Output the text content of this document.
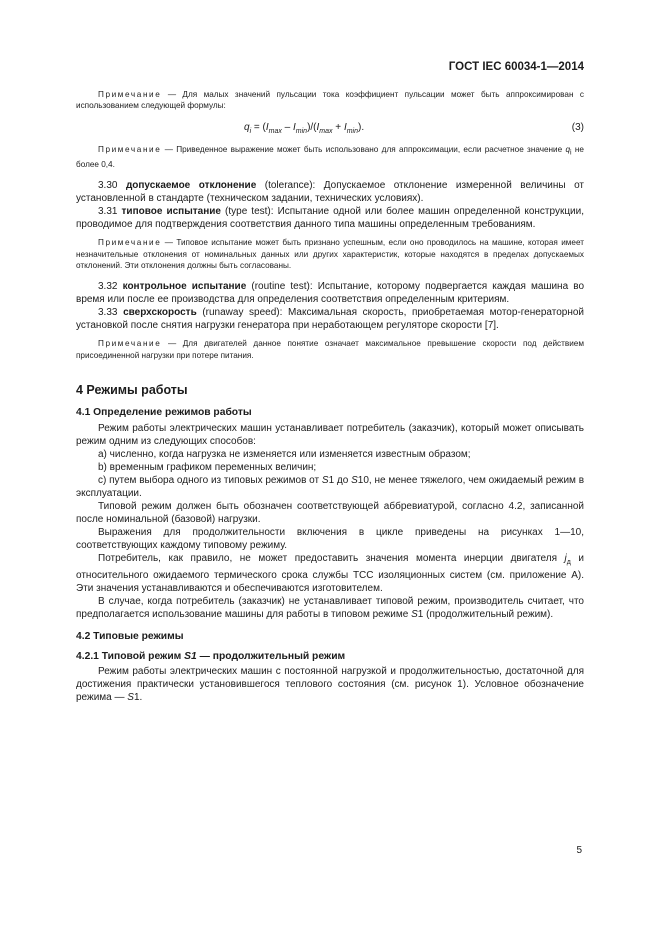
ГОСТ IEC 60034-1—2014

Примечание — Для малых значений пульсации тока коэффициент пульсации может быть аппроксимирован с использованием следующей формулы:

$q_i = (I_{max} - I_{min})/(I_{max} + I_{min})$.	(3)

Примечание — Приведенное выражение может быть использовано для аппроксимации, если расчетное значение $q_i$ не более 0,4.

3.30 допускаемое отклонение (tolerance): Допускаемое отклонение измеренной величины от установленной в стандарте (техническом задании, технических условиях).

3.31 типовое испытание (type test): Испытание одной или более машин определенной конструкции, проводимое для подтверждения соответствия данного типа машины определенным требованиям.

Примечание — Типовое испытание может быть признано успешным, если оно проводилось на машине, которая имеет незначительные отклонения от номинальных данных или других характеристик, которые находятся в пределах допускаемых отклонений. Эти отклонения должны быть согласованы.

3.32 контрольное испытание (routine test): Испытание, которому подвергается каждая машина во время или после ее производства для определения соответствия определенным критериям.

3.33 сверхскорость (runaway speed): Максимальная скорость, приобретаемая мотор-генераторной установкой после снятия нагрузки генератора при неработающем регуляторе скорости [7].

Примечание — Для двигателей данное понятие означает максимальное превышение скорости под действием присоединенной нагрузки при потере питания.

4 Режимы работы
4.1 Определение режимов работы

Режим работы электрических машин устанавливает потребитель (заказчик), который может описывать режим одним из следующих способов:

a) численно, когда нагрузка не изменяется или изменяется известным образом;

b) временным графиком переменных величин;

c) путем выбора одного из типовых режимов от S1 до S10, не менее тяжелого, чем ожидаемый режим в эксплуатации.

Типовой режим должен быть обозначен соответствующей аббревиатурой, согласно 4.2, записанной после номинальной (базовой) нагрузки.

Выражения для продолжительности включения в цикле приведены на рисунках 1—10, соответствующих каждому типовому режиму.

Потребитель, как правило, не может предоставить значения момента инерции двигателя $j_д$ и относительного ожидаемого термического срока службы ТСС изоляционных систем (см. приложение А). Эти значения устанавливаются и обеспечиваются изготовителем.

В случае, когда потребитель (заказчик) не устанавливает типовой режим, производитель считает, что предполагается использование машины для работы в типовом режиме S1 (продолжительный режим).

4.2 Типовые режимы
4.2.1 Типовой режим S1 — продолжительный режим

Режим работы электрических машин с постоянной нагрузкой и продолжительностью, достаточной для достижения практически установившегося теплового состояния (см. рисунок 1). Условное обозначение режима — S1.

5
